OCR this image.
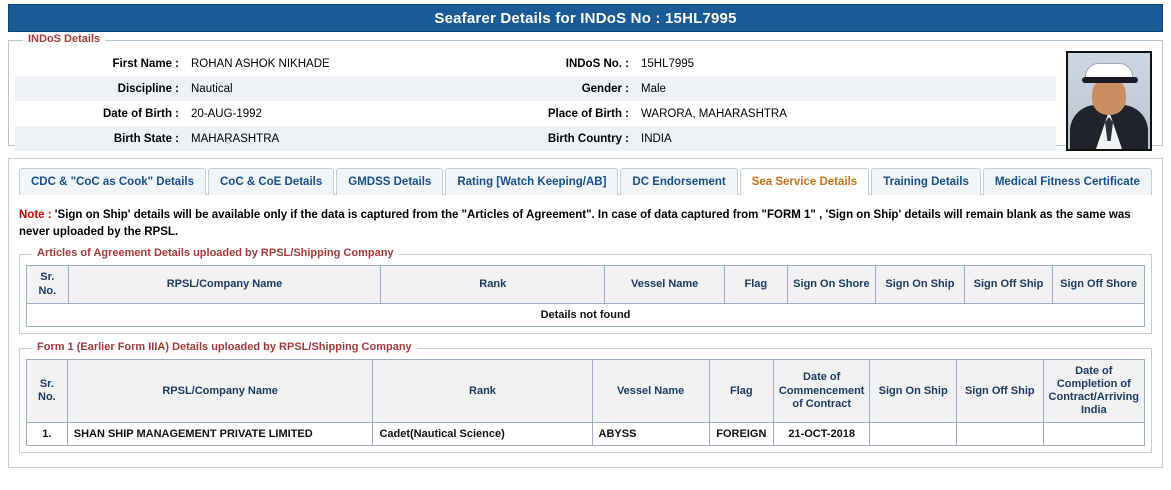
Seafarer Details for INDoS No : 15HL7995
INDoS Details
First Name :	ROHAN ASHOK NIKHADE	INDoS No. :	15HL7995
Discipline :	Nautical	Gender :	Male
Date of Birth :	20-AUG-1992	Place of Birth :	WARORA, MAHARASHTRA
Birth State :	MAHARASHTRA	Birth Country :	INDIA
CDC & "CoC as Cook" Details	CoC & CoE Details	GMDSS Details	Rating [Watch Keeping/AB]	DC Endorsement	Sea Service Details	Training Details	Medical Fitness Certificate
Note : 'Sign on Ship' details will be available only if the data is captured from the "Articles of Agreement". In case of data captured from "FORM 1" , 'Sign on Ship' details will remain blank as the same was never uploaded by the RPSL.
Articles of Agreement Details uploaded by RPSL/Shipping Company
Sr. No.	RPSL/Company Name	Rank	Vessel Name	Flag	Sign On Shore	Sign On Ship	Sign Off Ship	Sign Off Shore
Details not found
Form 1 (Earlier Form IIIA) Details uploaded by RPSL/Shipping Company
Sr. No.	RPSL/Company Name	Rank	Vessel Name	Flag	Date of Commencement of Contract	Sign On Ship	Sign Off Ship	Date of Completion of Contract/Arriving India
1.	SHAN SHIP MANAGEMENT PRIVATE LIMITED	Cadet(Nautical Science)	ABYSS	FOREIGN	21-OCT-2018			
